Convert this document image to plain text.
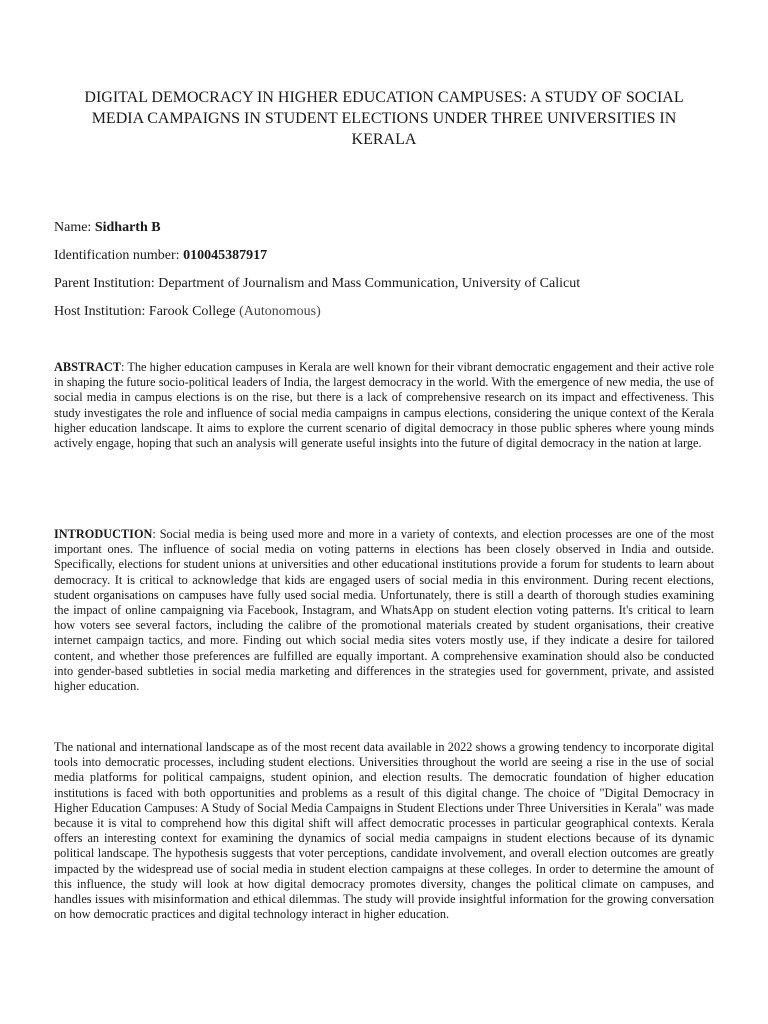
DIGITAL DEMOCRACY IN HIGHER EDUCATION CAMPUSES: A STUDY OF SOCIAL MEDIA CAMPAIGNS IN STUDENT ELECTIONS UNDER THREE UNIVERSITIES IN KERALA

Name: Sidharth B

Identification number: 010045387917

Parent Institution: Department of Journalism and Mass Communication, University of Calicut

Host Institution: Farook College (Autonomous)

ABSTRACT: The higher education campuses in Kerala are well known for their vibrant democratic engagement and their active role in shaping the future socio-political leaders of India, the largest democracy in the world. With the emergence of new media, the use of social media in campus elections is on the rise, but there is a lack of comprehensive research on its impact and effectiveness. This study investigates the role and influence of social media campaigns in campus elections, considering the unique context of the Kerala higher education landscape. It aims to explore the current scenario of digital democracy in those public spheres where young minds actively engage, hoping that such an analysis will generate useful insights into the future of digital democracy in the nation at large.

INTRODUCTION: Social media is being used more and more in a variety of contexts, and election processes are one of the most important ones. The influence of social media on voting patterns in elections has been closely observed in India and outside. Specifically, elections for student unions at universities and other educational institutions provide a forum for students to learn about democracy. It is critical to acknowledge that kids are engaged users of social media in this environment. During recent elections, student organisations on campuses have fully used social media. Unfortunately, there is still a dearth of thorough studies examining the impact of online campaigning via Facebook, Instagram, and WhatsApp on student election voting patterns. It's critical to learn how voters see several factors, including the calibre of the promotional materials created by student organisations, their creative internet campaign tactics, and more. Finding out which social media sites voters mostly use, if they indicate a desire for tailored content, and whether those preferences are fulfilled are equally important. A comprehensive examination should also be conducted into gender-based subtleties in social media marketing and differences in the strategies used for government, private, and assisted higher education.

The national and international landscape as of the most recent data available in 2022 shows a growing tendency to incorporate digital tools into democratic processes, including student elections. Universities throughout the world are seeing a rise in the use of social media platforms for political campaigns, student opinion, and election results. The democratic foundation of higher education institutions is faced with both opportunities and problems as a result of this digital change. The choice of "Digital Democracy in Higher Education Campuses: A Study of Social Media Campaigns in Student Elections under Three Universities in Kerala" was made because it is vital to comprehend how this digital shift will affect democratic processes in particular geographical contexts. Kerala offers an interesting context for examining the dynamics of social media campaigns in student elections because of its dynamic political landscape. The hypothesis suggests that voter perceptions, candidate involvement, and overall election outcomes are greatly impacted by the widespread use of social media in student election campaigns at these colleges. In order to determine the amount of this influence, the study will look at how digital democracy promotes diversity, changes the political climate on campuses, and handles issues with misinformation and ethical dilemmas. The study will provide insightful information for the growing conversation on how democratic practices and digital technology interact in higher education.
